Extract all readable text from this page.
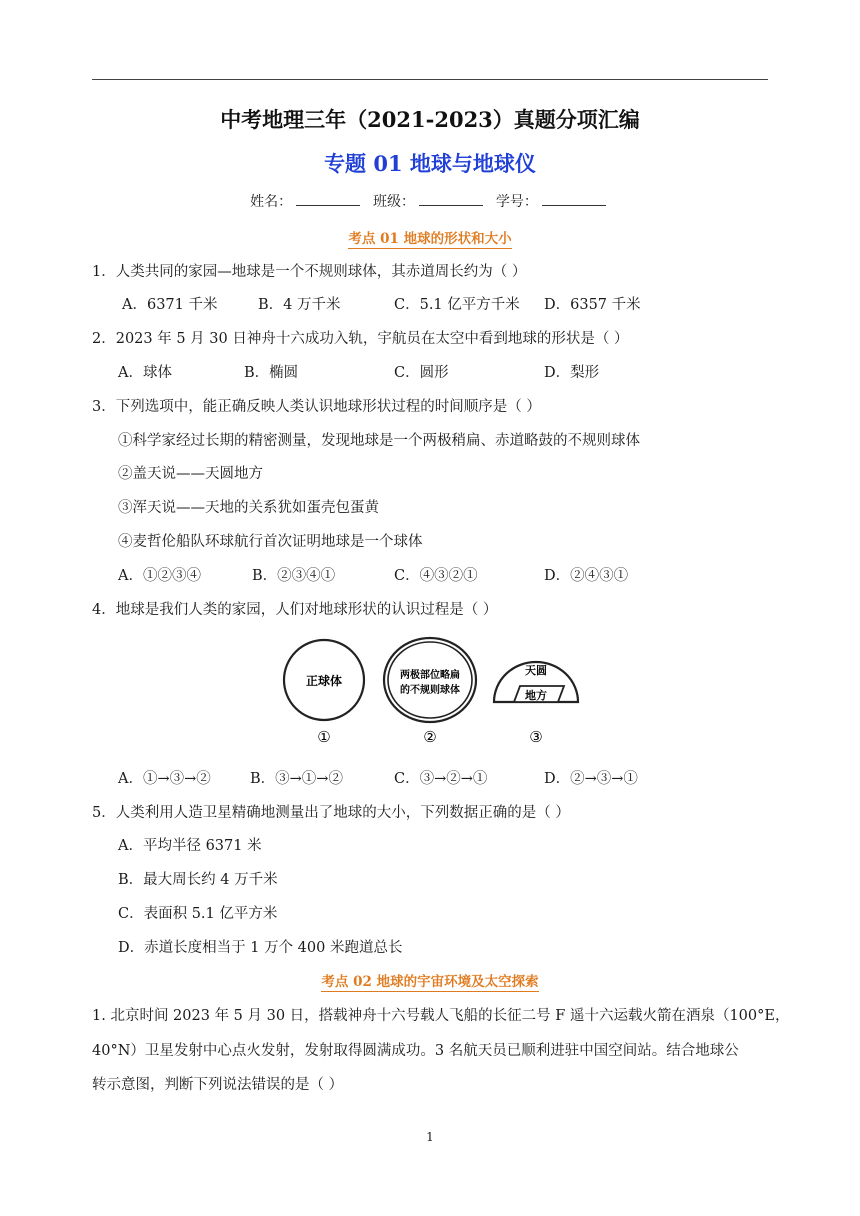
中考地理三年（2021-2023）真题分项汇编
专题 01 地球与地球仪
姓名：	班级：	学号：
考点 01 地球的形状和大小
1．人类共同的家园—地球是一个不规则球体，其赤道周长约为（ ）
A．6371 千米	B．4 万千米	C．5.1 亿平方千米 D．6357 千米
2．2023 年 5 月 30 日神舟十六成功入轨，宇航员在太空中看到地球的形状是（ ）
A．球体	B．椭圆	C．圆形	D．梨形
3．下列选项中，能正确反映人类认识地球形状过程的时间顺序是（ ）
①科学家经过长期的精密测量，发现地球是一个两极稍扁、赤道略鼓的不规则球体
②盖天说——天圆地方
③浑天说——天地的关系犹如蛋壳包蛋黄
④麦哲伦船队环球航行首次证明地球是一个球体
A．①②③④	B．②③④①	C．④③②①	D．②④③①
4．地球是我们人类的家园，人们对地球形状的认识过程是（ ）
正球体	两极部位略扁
的不规则球体
天圆
地方
①	②	③
A．①→③→②	B．③→①→②	C．③→②→①	D．②→③→①
5．人类利用人造卫星精确地测量出了地球的大小，下列数据正确的是（ ）
A．平均半径 6371 米
B．最大周长约 4 万千米
C．表面积 5.1 亿平方米
D．赤道长度相当于 1 万个 400 米跑道总长
考点 02 地球的宇宙环境及太空探索
1. 北京时间 2023 年 5 月 30 日，搭载神舟十六号载人飞船的长征二号 F 遥十六运载火箭在酒泉（100°E，
40°N）卫星发射中心点火发射，发射取得圆满成功。3 名航天员已顺利进驻中国空间站。结合地球公
转示意图，判断下列说法错误的是（ ）
1
